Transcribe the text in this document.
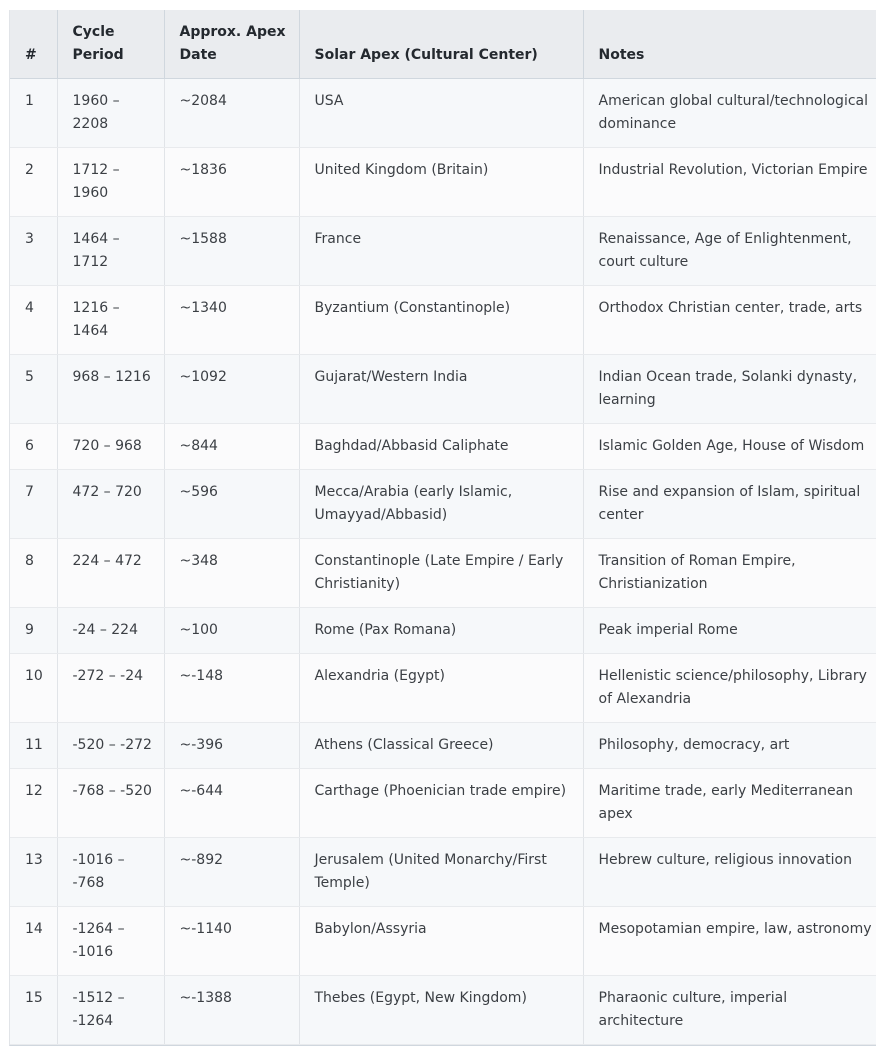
#	Cycle Period	Approx. Apex Date	Solar Apex (Cultural Center)	Notes
1	1960 – 2208	~2084	USA	American global cultural/technological dominance
2	1712 – 1960	~1836	United Kingdom (Britain)	Industrial Revolution, Victorian Empire
3	1464 – 1712	~1588	France	Renaissance, Age of Enlightenment, court culture
4	1216 – 1464	~1340	Byzantium (Constantinople)	Orthodox Christian center, trade, arts
5	968 – 1216	~1092	Gujarat/Western India	Indian Ocean trade, Solanki dynasty, learning
6	720 – 968	~844	Baghdad/Abbasid Caliphate	Islamic Golden Age, House of Wisdom
7	472 – 720	~596	Mecca/Arabia (early Islamic, Umayyad/Abbasid)	Rise and expansion of Islam, spiritual center
8	224 – 472	~348	Constantinople (Late Empire / Early Christianity)	Transition of Roman Empire, Christianization
9	-24 – 224	~100	Rome (Pax Romana)	Peak imperial Rome
10	-272 – -24	~-148	Alexandria (Egypt)	Hellenistic science/philosophy, Library of Alexandria
11	-520 – -272	~-396	Athens (Classical Greece)	Philosophy, democracy, art
12	-768 – -520	~-644	Carthage (Phoenician trade empire)	Maritime trade, early Mediterranean apex
13	-1016 – -768	~-892	Jerusalem (United Monarchy/First Temple)	Hebrew culture, religious innovation
14	-1264 – -1016	~-1140	Babylon/Assyria	Mesopotamian empire, law, astronomy
15	-1512 – -1264	~-1388	Thebes (Egypt, New Kingdom)	Pharaonic culture, imperial architecture
